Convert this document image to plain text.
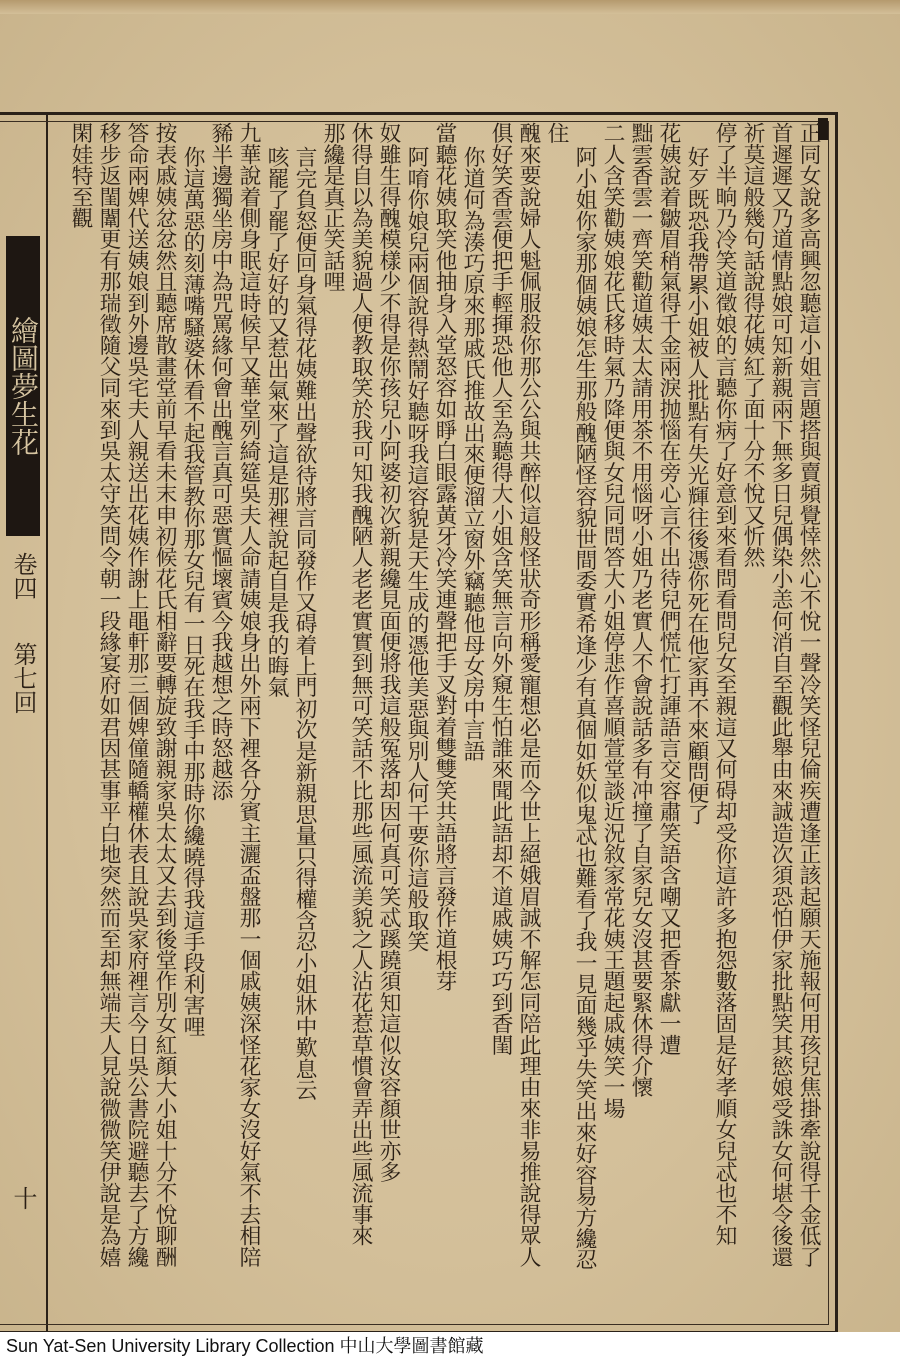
繪圖夢生花
卷四
第七回
十	正同女說多高興忽聽這小姐言題搭與賣頻覺悻然心不悅一聲冷笑怪兒倫疾遭逢正該起願天施報何用孩兒焦掛牽說得千金低了
首遲遲又乃道情點娘可知新親兩下無多日兒偶染小恙何消自至觀此舉由來誠造次須恐怕伊家批點笑其慾娘受誅女何堪令後還
祈莫這般幾句話說得花姨紅了面十分不悅又忻然
停了半晌乃冷笑道徵娘的言聽你病了好意到來看問看問兒女至親這又何碍却受你這許多抱怨數落固是好孝順女兒忒也不知
好歹既恐我帶累小姐被人批點有失光輝往後憑你死在他家再不來顧問便了
花姨說着皺眉稍氣得千金兩淚抛惱在旁心言不出待兒們慌忙打諢語言交容肅笑語含嘲又把香茶獻一遭
黜雲香雲一齊笑勸道姨太太請用茶不用惱呀小姐乃老實人不會說話多有冲撞了自家兒女沒甚要緊休得介懷
二人含笑勸姨娘花氏移時氣乃降便與女兒同問答大小姐停悲作喜順萱堂談近況敘家常花姨王題起戚姨笑一場
阿小姐你家那個姨娘怎生那般醜陋怪容貌世間委實希逢少有真個如妖似鬼忒也難看了我一見面幾乎失笑出來好容易方纔忍
住
醜來要說婦人魁佩服殺你那公公與共醉似這般怪狀奇形稱愛寵想必是而今世上絕娥眉誠不解怎同陪此理由來非易推說得眾人
俱好笑香雲便把手輕揮恐他人至為聽得大小姐含笑無言向外窺生怕誰來聞此語却不道戚姨巧巧到香閨
你道何為湊巧原來那戚氏推故出來便溜立窗外竊聽他母女房中言語
當聽花姨取笑他抽身入堂怒容如睜白眼露黃牙冷笑連聲把手叉對着雙雙笑共語將言發作道根芽
阿唷你娘兒兩個說得熱鬧好聽呀我這容貌是天生成的憑他美惡與別人何干要你這般取笑
奴雖生得醜模樣少不得是你孩兒小阿婆初次新親纔見面便將我這般冤落却因何真可笑忒蹊蹺須知這似汝容顏世亦多
休得自以為美貌過人便教取笑於我可知我醜陋人老老實實到無可笑話不比那些風流美貌之人沾花惹草慣會弄出些風流事來
那纔是真正笑話哩
言完負怒便回身氣得花姨難出聲欲待將言同發作又碍着上門初次是新親思量只得權含忍小姐牀中歎息云
咳罷了罷了好好的又惹出氣來了這是那裡說起自是我的晦氣
九華說着側身眠這時候早又華堂列綺筵吳夫人命請姨娘身出外兩下裡各分賓主灑盃盤那一個戚姨深怪花家女沒好氣不去相陪
豨半邊獨坐房中為咒罵緣何會出醜言真可惡實慪壞賓今我越想之時怒越添
你這萬惡的刻薄嘴騷婆休看不起我管教你那女兒有一日死在我手中那時你纔曉得我這手段利害哩
按表戚姨忿忿然且聽席散畫堂前早看未末申初候花氏相辭要轉旋致謝親家吳太太又去到後堂作別女紅顏大小姐十分不悅聊酬
答命兩婢代送姨娘到外邊吳宅夫人親送出花姨作謝上黽軒那三個婢僮隨轎權休表且說吳家府裡言今日吳公書院避聽去了方纔
移步返閨闈更有那瑞徵隨父同來到吳太守笑問令朝一段緣宴府如君因甚事平白地突然而至却無端夫人見說微微笑伊說是為嬉
閑娃特至觀
Sun Yat-Sen University Library Collection 中山大學圖書館藏
